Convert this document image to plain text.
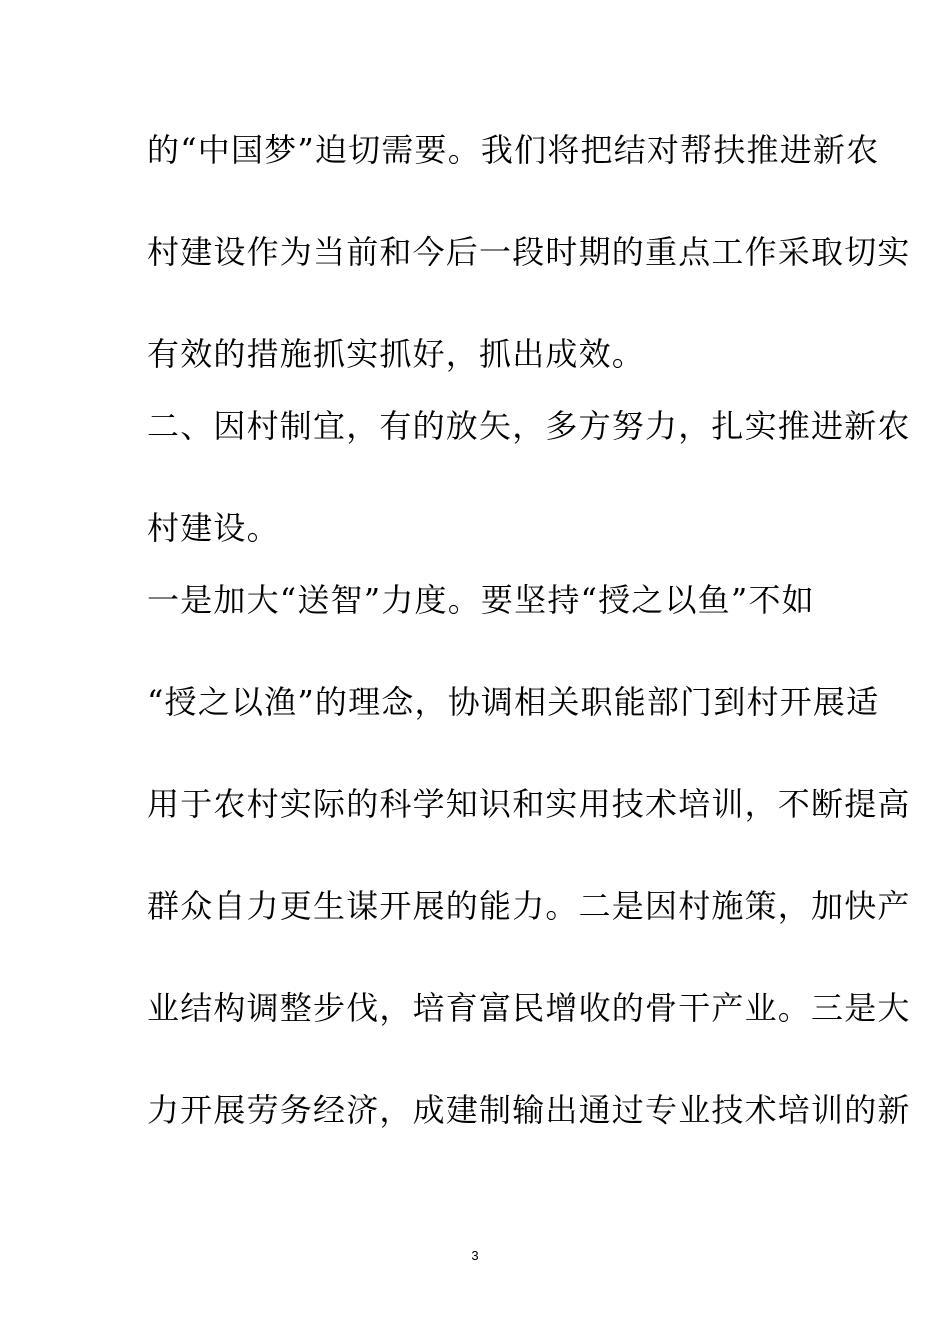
的“中国梦”迫切需要。我们将把结对帮扶推进新农
村建设作为当前和今后一段时期的重点工作采取切实
有效的措施抓实抓好，抓出成效。
二、因村制宜，有的放矢，多方努力，扎实推进新农
村建设。
一是加大“送智”力度。要坚持“授之以鱼”不如
“授之以渔”的理念，协调相关职能部门到村开展适
用于农村实际的科学知识和实用技术培训，不断提高
群众自力更生谋开展的能力。二是因村施策，加快产
业结构调整步伐，培育富民增收的骨干产业。三是大
力开展劳务经济，成建制输出通过专业技术培训的新
3
